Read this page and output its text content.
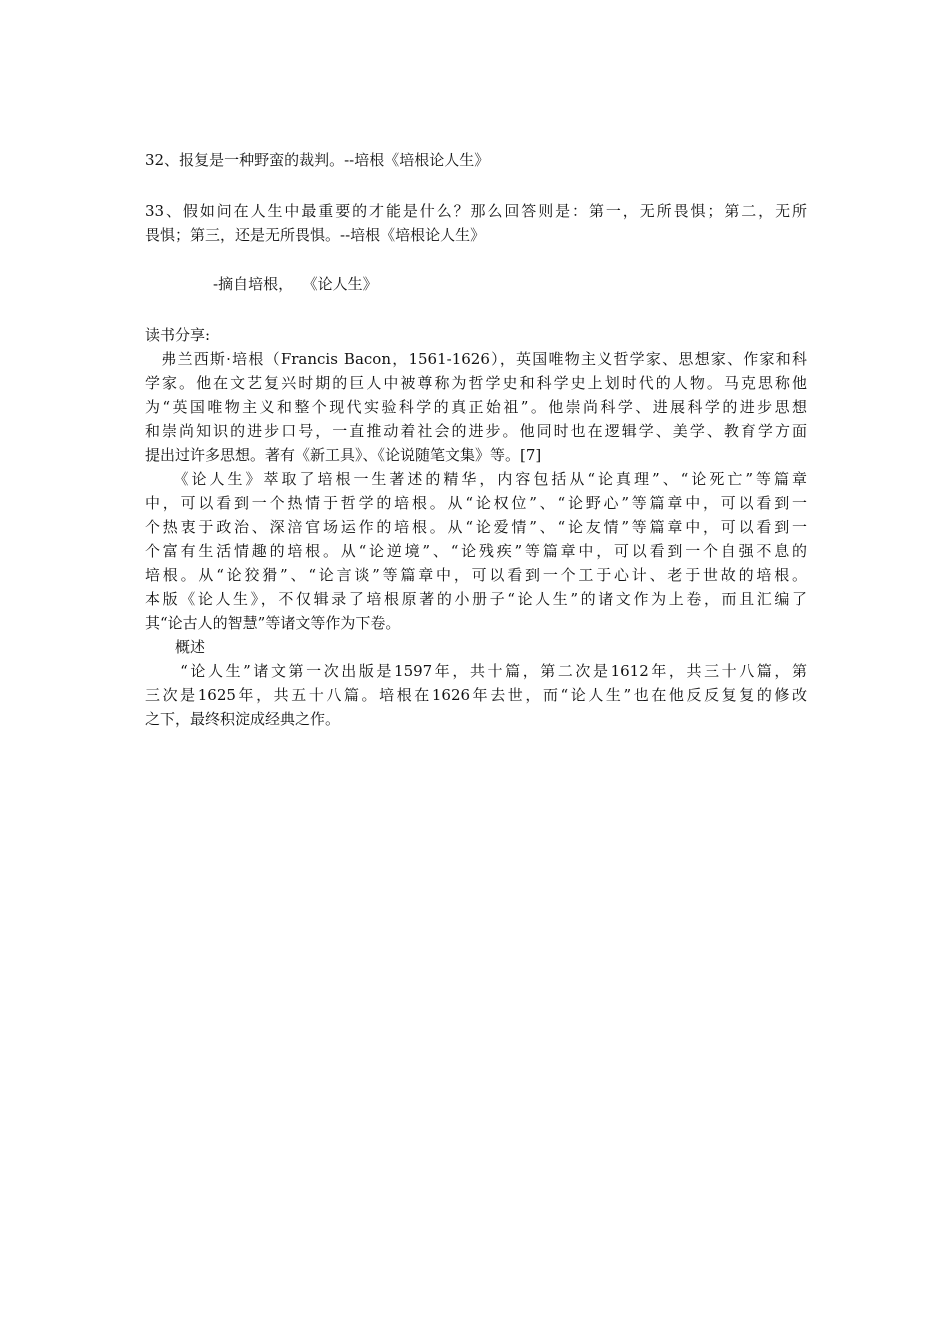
32、报复是一种野蛮的裁判。--培根《培根论人生》
33、假如问在人生中最重要的才能是什么？那么回答则是：第一，无所畏惧；第二，无所
畏惧；第三，还是无所畏惧。--培根《培根论人生》
-摘自培根，  《论人生》
读书分享:
　弗兰西斯·培根（Francis Bacon，1561-1626），英国唯物主义哲学家、思想家、作家和科
学家。他在文艺复兴时期的巨人中被尊称为哲学史和科学史上划时代的人物。马克思称他
为“英国唯物主义和整个现代实验科学的真正始祖”。他崇尚科学、进展科学的进步思想
和崇尚知识的进步口号，一直推动着社会的进步。他同时也在逻辑学、美学、教育学方面
提出过许多思想。著有《新工具》、《论说随笔文集》等。[7]
　　《论人生》萃取了培根一生著述的精华，内容包括从“论真理”、“论死亡”等篇章
中，可以看到一个热情于哲学的培根。从“论权位”、“论野心”等篇章中，可以看到一
个热衷于政治、深涪官场运作的培根。从“论爱情”、“论友情”等篇章中，可以看到一
个富有生活情趣的培根。从“论逆境”、“论残疾”等篇章中，可以看到一个自强不息的
培根。从“论狡猾”、“论言谈”等篇章中，可以看到一个工于心计、老于世故的培根。
本版《论人生》，不仅辑录了培根原著的小册子“论人生”的诸文作为上卷，而且汇编了
其“论古人的智慧”等诸文等作为下卷。
　　概述
　　“论人生”诸文第一次出版是1597年，共十篇，第二次是1612年，共三十八篇，第
三次是1625年，共五十八篇。培根在1626年去世，而“论人生”也在他反反复复的修改
之下，最终积淀成经典之作。
